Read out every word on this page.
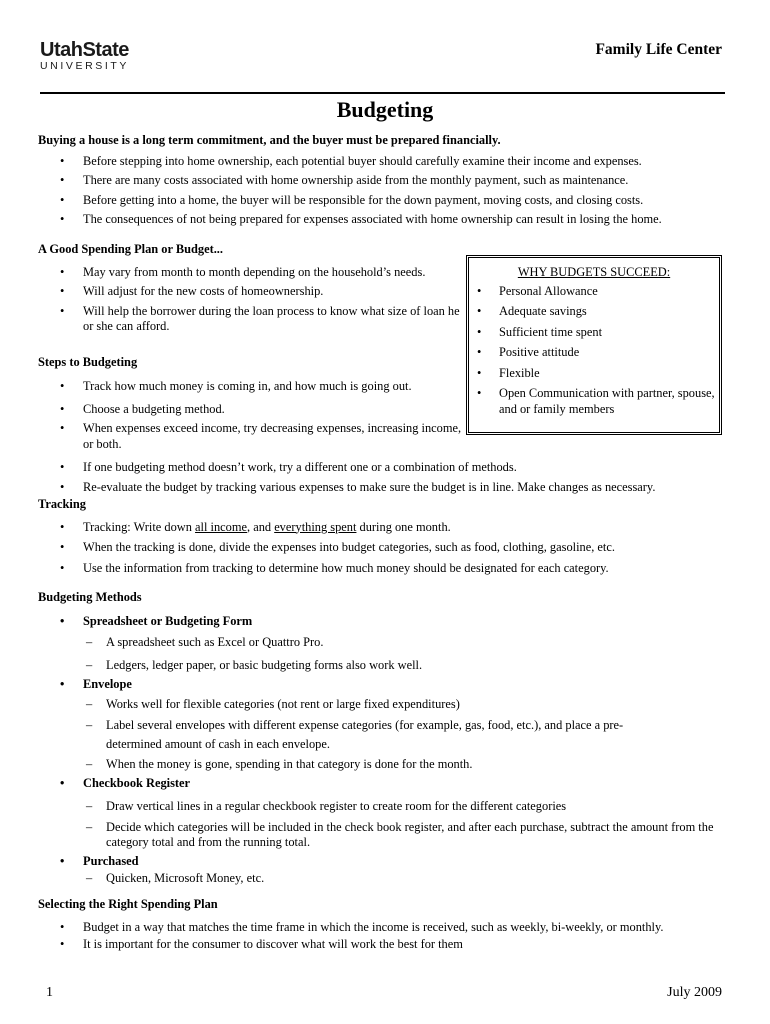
UtahState
UNIVERSITY
Family Life Center
Budgeting
Buying a house is a long term commitment, and the buyer must be prepared financially.
• Before stepping into home ownership, each potential buyer should carefully examine their income and expenses.
• There are many costs associated with home ownership aside from the monthly payment, such as maintenance.
• Before getting into a home, the buyer will be responsible for the down payment, moving costs, and closing costs.
• The consequences of not being prepared for expenses associated with home ownership can result in losing the home.
A Good Spending Plan or Budget...
• May vary from month to month depending on the household’s needs.
• Will adjust for the new costs of homeownership.
• Will help the borrower during the loan process to know what size of loan he or she can afford.
WHY BUDGETS SUCCEED:
• Personal Allowance
• Adequate savings
• Sufficient time spent
• Positive attitude
• Flexible
• Open Communication with partner, spouse, and or family members
Steps to Budgeting
• Track how much money is coming in, and how much is going out.
• Choose a budgeting method.
• When expenses exceed income, try decreasing expenses, increasing income, or both.
• If one budgeting method doesn’t work, try a different one or a combination of methods.
• Re-evaluate the budget by tracking various expenses to make sure the budget is in line. Make changes as necessary.
Tracking
• Tracking: Write down all income, and everything spent during one month.
• When the tracking is done, divide the expenses into budget categories, such as food, clothing, gasoline, etc.
• Use the information from tracking to determine how much money should be designated for each category.
Budgeting Methods
• Spreadsheet or Budgeting Form
– A spreadsheet such as Excel or Quattro Pro.
– Ledgers, ledger paper, or basic budgeting forms also work well.
• Envelope
– Works well for flexible categories (not rent or large fixed expenditures)
– Label several envelopes with different expense categories (for example, gas, food, etc.), and place a pre-determined amount of cash in each envelope.
– When the money is gone, spending in that category is done for the month.
• Checkbook Register
– Draw vertical lines in a regular checkbook register to create room for the different categories
– Decide which categories will be included in the check book register, and after each purchase, subtract the amount from the category total and from the running total.
• Purchased
– Quicken, Microsoft Money, etc.
Selecting the Right Spending Plan
• Budget in a way that matches the time frame in which the income is received, such as weekly, bi-weekly, or monthly.
• It is important for the consumer to discover what will work the best for them
1	July 2009
